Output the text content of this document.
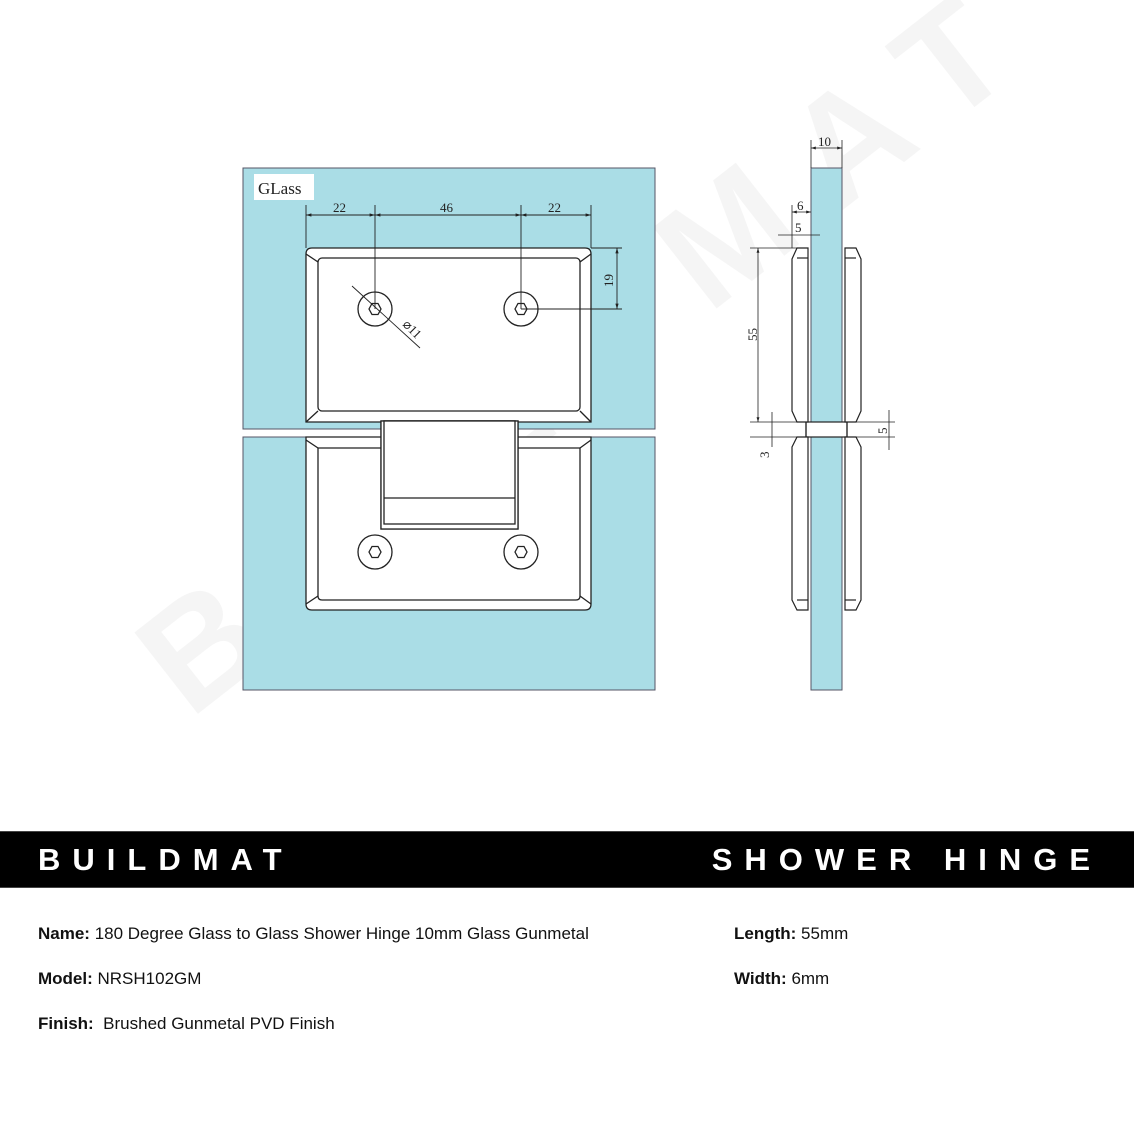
GLass
22	46	22
19
⌀11
10
6
5
55
3
5
BUILDMAT	SHOWER HINGE
Name: 180 Degree Glass to Glass Shower Hinge 10mm Glass Gunmetal
Model: NRSH102GM
Finish:  Brushed Gunmetal PVD Finish
Length: 55mm
Width: 6mm
